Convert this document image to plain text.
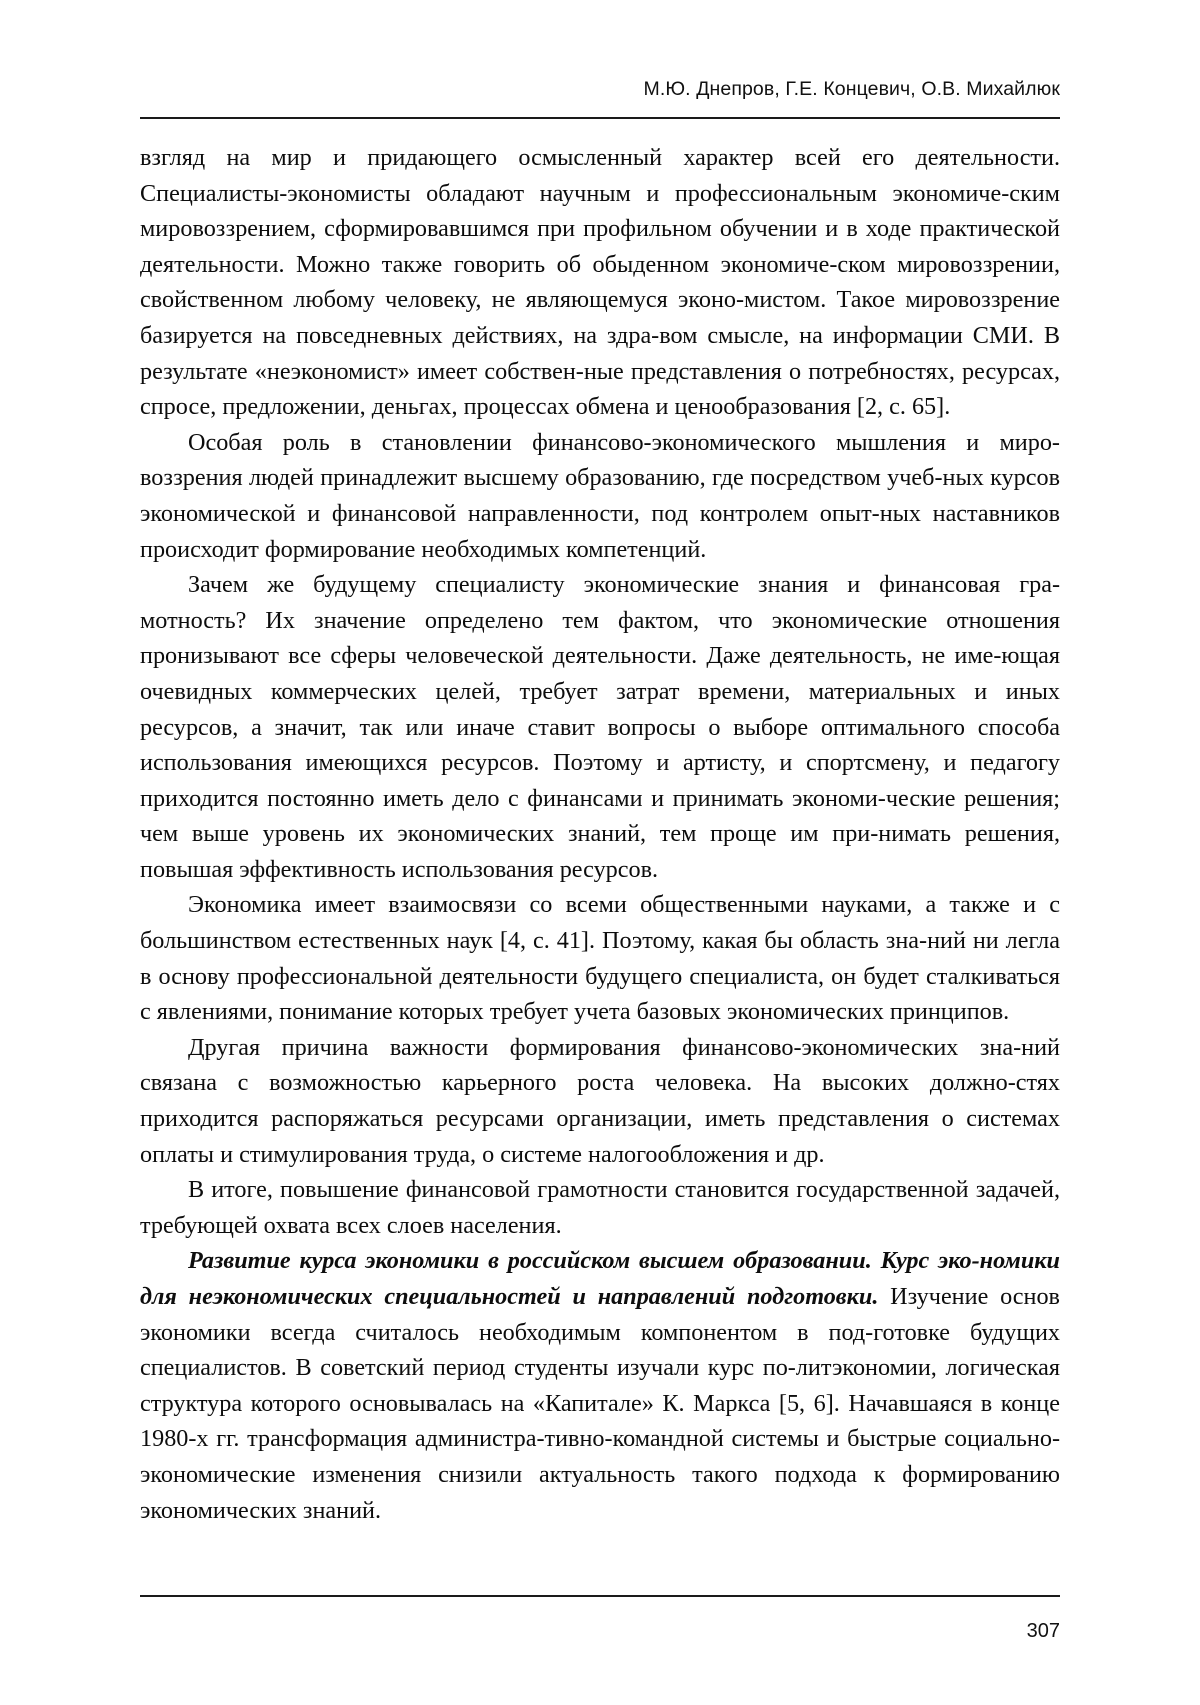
М.Ю. Днепров, Г.Е. Концевич, О.В. Михайлюк

взгляд на мир и придающего осмысленный характер всей его деятельности. Специалисты-экономисты обладают научным и профессиональным экономиче-ским мировоззрением, сформировавшимся при профильном обучении и в ходе практической деятельности. Можно также говорить об обыденном экономиче-ском мировоззрении, свойственном любому человеку, не являющемуся эконо-мистом. Такое мировоззрение базируется на повседневных действиях, на здра-вом смысле, на информации СМИ. В результате «неэкономист» имеет собствен-ные представления о потребностях, ресурсах, спросе, предложении, деньгах, процессах обмена и ценообразования [2, с. 65].

Особая роль в становлении финансово-экономического мышления и миро-воззрения людей принадлежит высшему образованию, где посредством учеб-ных курсов экономической и финансовой направленности, под контролем опыт-ных наставников происходит формирование необходимых компетенций.

Зачем же будущему специалисту экономические знания и финансовая гра-мотность? Их значение определено тем фактом, что экономические отношения пронизывают все сферы человеческой деятельности. Даже деятельность, не име-ющая очевидных коммерческих целей, требует затрат времени, материальных и иных ресурсов, а значит, так или иначе ставит вопросы о выборе оптимального способа использования имеющихся ресурсов. Поэтому и артисту, и спортсмену, и педагогу приходится постоянно иметь дело с финансами и принимать экономи-ческие решения; чем выше уровень их экономических знаний, тем проще им при-нимать решения, повышая эффективность использования ресурсов.

Экономика имеет взаимосвязи со всеми общественными науками, а также и с большинством естественных наук [4, с. 41]. Поэтому, какая бы область зна-ний ни легла в основу профессиональной деятельности будущего специалиста, он будет сталкиваться с явлениями, понимание которых требует учета базовых экономических принципов.

Другая причина важности формирования финансово-экономических зна-ний связана с возможностью карьерного роста человека. На высоких должно-стях приходится распоряжаться ресурсами организации, иметь представления о системах оплаты и стимулирования труда, о системе налогообложения и др.

В итоге, повышение финансовой грамотности становится государственной задачей, требующей охвата всех слоев населения.

Развитие курса экономики в российском высшем образовании. Курс эко-номики для неэкономических специальностей и направлений подготовки. Изучение основ экономики всегда считалось необходимым компонентом в под-готовке будущих специалистов. В советский период студенты изучали курс по-литэкономии, логическая структура которого основывалась на «Капитале» К. Маркса [5, 6]. Начавшаяся в конце 1980-х гг. трансформация администра-тивно-командной системы и быстрые социально-экономические изменения снизили актуальность такого подхода к формированию экономических знаний.

307
